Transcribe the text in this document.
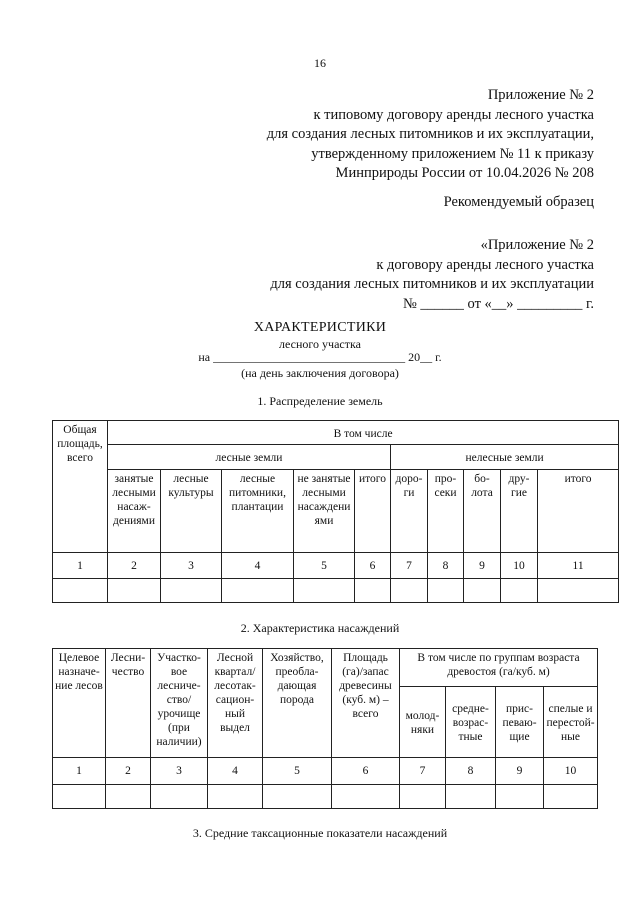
16
Приложение № 2
к типовому договору аренды лесного участка
для создания лесных питомников и их эксплуатации,
утвержденному приложением № 11 к приказу
Минприроды России от 10.04.2026 № 208
Рекомендуемый образец
«Приложение № 2
к договору аренды лесного участка
для создания лесных питомников и их эксплуатации
№ ______ от «__» _________ г.
ХАРАКТЕРИСТИКИ
лесного участка
на ________________________________ 20__ г.
(на день заключения договора)
1. Распределение земель
Общая площадь, всего	В том числе									
	лесные земли					нелесные земли				
	занятые лесными насаж-дениями	лесные культуры	лесные питомники, плантации	не занятые лесными насаждени ями	итого	доро-ги	про-секи	бо-лота	дру-гие	итого
1	2	3	4	5	6	7	8	9	10	11

2. Характеристика насаждений
Целевое назначе-ние лесов	Лесни-чество	Участко-вое лесниче-ство/ урочище (при наличии)	Лесной квартал/ лесотак-сацион-ный выдел	Хозяйство, преобла-дающая порода	Площадь (га)/запас древесины (куб. м) – всего	В том числе по группам возраста древостоя (га/куб. м)			
						молод-няки	средне-возрас-тные	прис-певаю-щие	спелые и перестой-ные
1	2	3	4	5	6	7	8	9	10

3. Средние таксационные показатели насаждений
